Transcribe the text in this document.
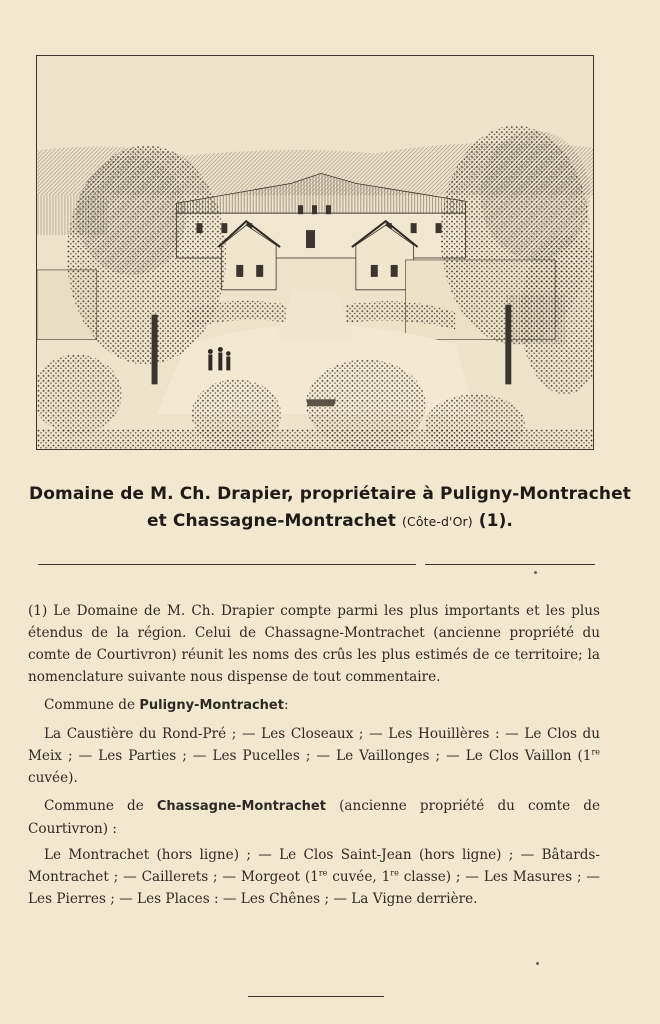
Domaine de M. Ch. Drapier, propriétaire à Puligny-Montrachet
et Chassagne-Montrachet (Côte-d'Or) (1).

(1) Le Domaine de M. Ch. Drapier compte parmi les plus importants et les plus étendus de la région. Celui de Chassagne-Montrachet (ancienne propriété du comte de Courtivron) réunit les noms des crûs les plus estimés de ce territoire; la nomenclature suivante nous dispense de tout commentaire.

Commune de Puligny-Montrachet:

La Caustière du Rond-Pré ; — Les Closeaux ; — Les Houillères : — Le Clos du Meix ; — Les Parties ; — Les Pucelles ; — Le Vaillonges ; — Le Clos Vaillon (1re cuvée).

Commune de Chassagne-Montrachet (ancienne propriété du comte de Courtivron) :

Le Montrachet (hors ligne) ; — Le Clos Saint-Jean (hors ligne) ; — Bâtards-Montrachet ; — Caillerets ; — Morgeot (1re cuvée, 1re classe) ; — Les Masures ; — Les Pierres ; — Les Places : — Les Chênes ; — La Vigne derrière.
